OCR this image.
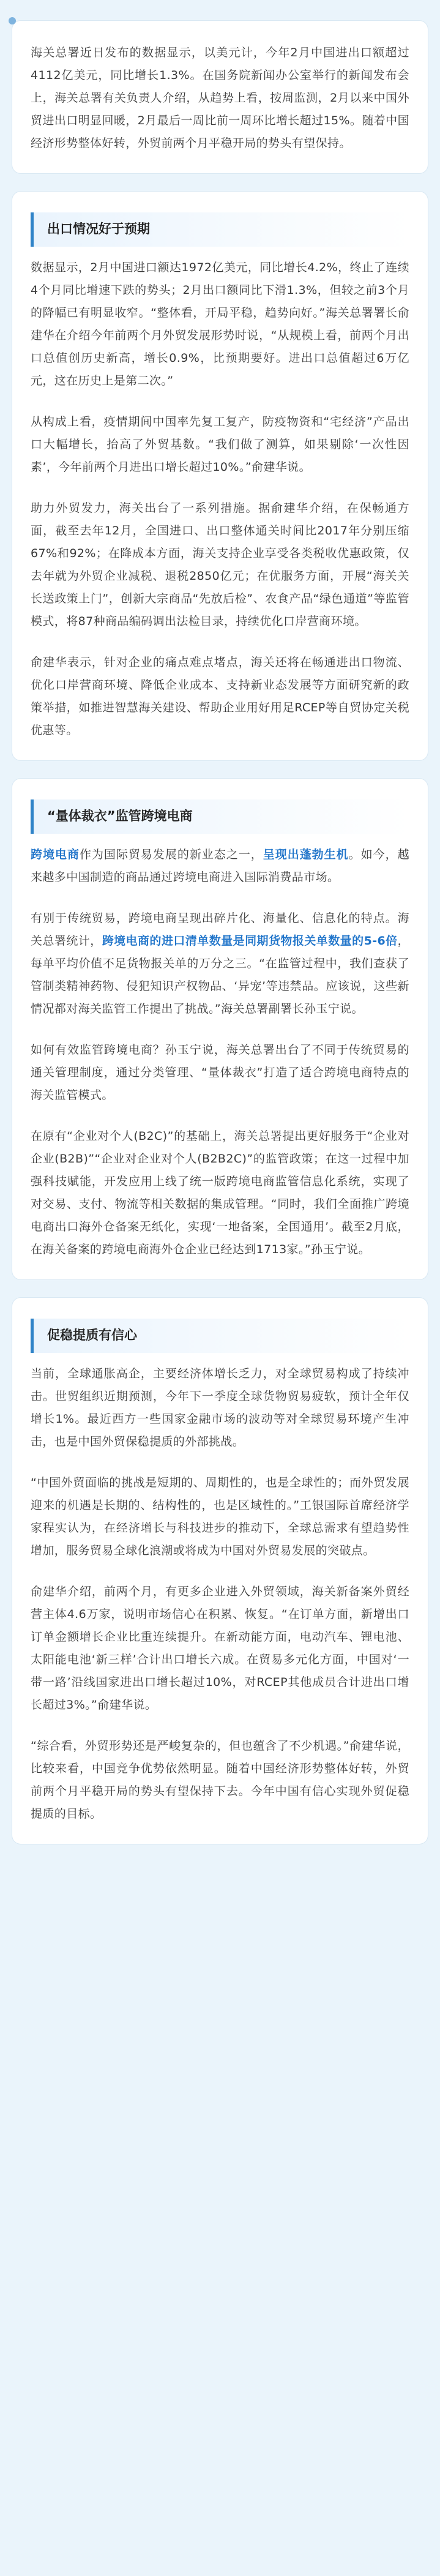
海关总署近日发布的数据显示，以美元计，今年2月中国进出口额超过4112亿美元，同比增长1.3%。在国务院新闻办公室举行的新闻发布会上，海关总署有关负责人介绍，从趋势上看，按周监测，2月以来中国外贸进出口明显回暖，2月最后一周比前一周环比增长超过15%。随着中国经济形势整体好转，外贸前两个月平稳开局的势头有望保持。

出口情况好于预期

数据显示，2月中国进口额达1972亿美元，同比增长4.2%，终止了连续4个月同比增速下跌的势头；2月出口额同比下滑1.3%，但较之前3个月的降幅已有明显收窄。“整体看，开局平稳，趋势向好。”海关总署署长俞建华在介绍今年前两个月外贸发展形势时说，“从规模上看，前两个月出口总值创历史新高，增长0.9%，比预期要好。进出口总值超过6万亿元，这在历史上是第二次。”

从构成上看，疫情期间中国率先复工复产，防疫物资和“宅经济”产品出口大幅增长，抬高了外贸基数。“我们做了测算，如果剔除‘一次性因素’，今年前两个月进出口增长超过10%。”俞建华说。

助力外贸发力，海关出台了一系列措施。据俞建华介绍，在保畅通方面，截至去年12月，全国进口、出口整体通关时间比2017年分别压缩67%和92%；在降成本方面，海关支持企业享受各类税收优惠政策，仅去年就为外贸企业减税、退税2850亿元；在优服务方面，开展“海关关长送政策上门”，创新大宗商品“先放后检”、农食产品“绿色通道”等监管模式，将87种商品编码调出法检目录，持续优化口岸营商环境。

俞建华表示，针对企业的痛点难点堵点，海关还将在畅通进出口物流、优化口岸营商环境、降低企业成本、支持新业态发展等方面研究新的政策举措，如推进智慧海关建设、帮助企业用好用足RCEP等自贸协定关税优惠等。

“量体裁衣”监管跨境电商

跨境电商作为国际贸易发展的新业态之一，呈现出蓬勃生机。如今，越来越多中国制造的商品通过跨境电商进入国际消费品市场。

有别于传统贸易，跨境电商呈现出碎片化、海量化、信息化的特点。海关总署统计，跨境电商的进口清单数量是同期货物报关单数量的5-6倍，每单平均价值不足货物报关单的万分之三。“在监管过程中，我们查获了管制类精神药物、侵犯知识产权物品、‘异宠’等违禁品。应该说，这些新情况都对海关监管工作提出了挑战。”海关总署副署长孙玉宁说。

如何有效监管跨境电商？孙玉宁说，海关总署出台了不同于传统贸易的通关管理制度，通过分类管理、“量体裁衣”打造了适合跨境电商特点的海关监管模式。

在原有“企业对个人(B2C)”的基础上，海关总署提出更好服务于“企业对企业(B2B)”“企业对企业对个人(B2B2C)”的监管政策；在这一过程中加强科技赋能，开发应用上线了统一版跨境电商监管信息化系统，实现了对交易、支付、物流等相关数据的集成管理。“同时，我们全面推广跨境电商出口海外仓备案无纸化，实现‘一地备案，全国通用’。截至2月底，在海关备案的跨境电商海外仓企业已经达到1713家。”孙玉宁说。

促稳提质有信心

当前，全球通胀高企，主要经济体增长乏力，对全球贸易构成了持续冲击。世贸组织近期预测，今年下一季度全球货物贸易疲软，预计全年仅增长1%。最近西方一些国家金融市场的波动等对全球贸易环境产生冲击，也是中国外贸保稳提质的外部挑战。

“中国外贸面临的挑战是短期的、周期性的，也是全球性的；而外贸发展迎来的机遇是长期的、结构性的，也是区域性的。”工银国际首席经济学家程实认为，在经济增长与科技进步的推动下，全球总需求有望趋势性增加，服务贸易全球化浪潮或将成为中国对外贸易发展的突破点。

俞建华介绍，前两个月，有更多企业进入外贸领域，海关新备案外贸经营主体4.6万家，说明市场信心在积累、恢复。“在订单方面，新增出口订单金额增长企业比重连续提升。在新动能方面，电动汽车、锂电池、太阳能电池‘新三样’合计出口增长六成。在贸易多元化方面，中国对‘一带一路’沿线国家进出口增长超过10%，对RCEP其他成员合计进出口增长超过3%。”俞建华说。

“综合看，外贸形势还是严峻复杂的，但也蕴含了不少机遇。”俞建华说，比较来看，中国竞争优势依然明显。随着中国经济形势整体好转，外贸前两个月平稳开局的势头有望保持下去。今年中国有信心实现外贸促稳提质的目标。
